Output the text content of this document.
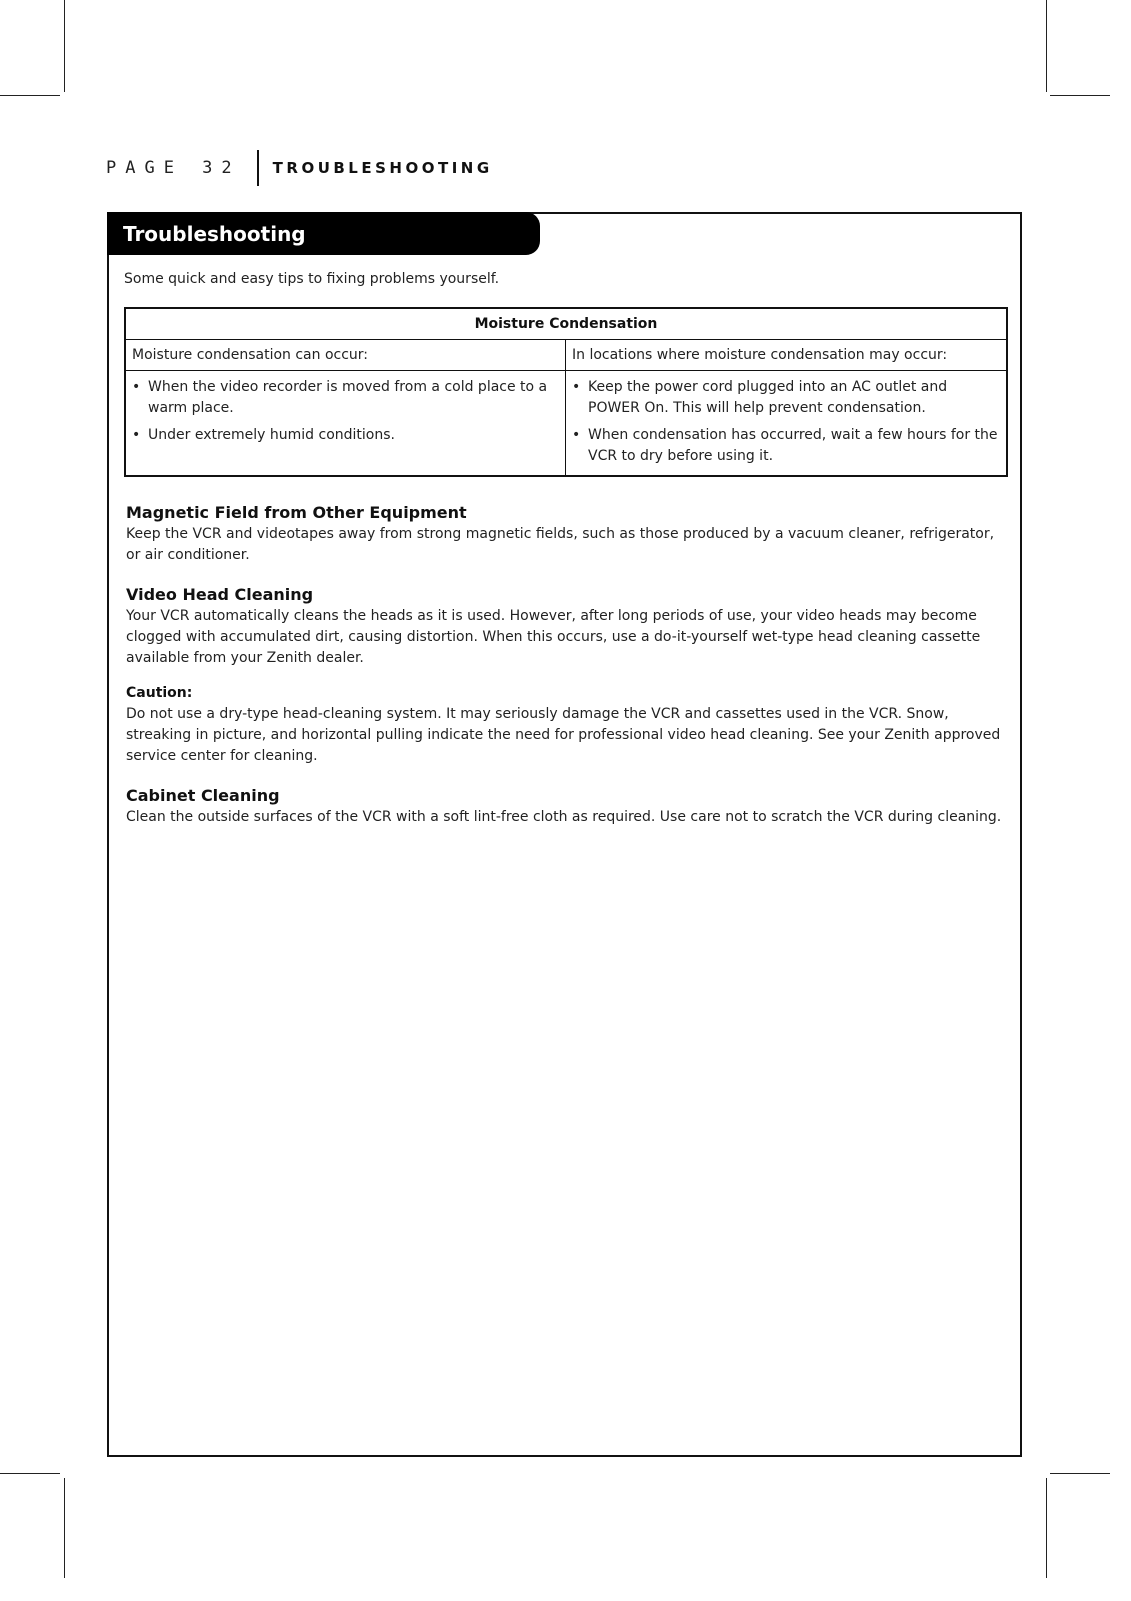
PAGE 32 TROUBLESHOOTING
Troubleshooting
Some quick and easy tips to fixing problems yourself.
Moisture Condensation
Moisture condensation can occur:	In locations where moisture condensation may occur:
• When the video recorder is moved from a cold place to a warm place.
• Under extremely humid conditions.
• Keep the power cord plugged into an AC outlet and POWER On. This will help prevent condensation.
• When condensation has occurred, wait a few hours for the VCR to dry before using it.
Magnetic Field from Other Equipment
Keep the VCR and videotapes away from strong magnetic fields, such as those produced by a vacuum cleaner, refrigerator, or air conditioner.
Video Head Cleaning
Your VCR automatically cleans the heads as it is used. However, after long periods of use, your video heads may become clogged with accumulated dirt, causing distortion. When this occurs, use a do-it-yourself wet-type head cleaning cassette available from your Zenith dealer.
Caution:
Do not use a dry-type head-cleaning system. It may seriously damage the VCR and cassettes used in the VCR. Snow, streaking in picture, and horizontal pulling indicate the need for professional video head cleaning. See your Zenith approved service center for cleaning.
Cabinet Cleaning
Clean the outside surfaces of the VCR with a soft lint-free cloth as required. Use care not to scratch the VCR during cleaning.
